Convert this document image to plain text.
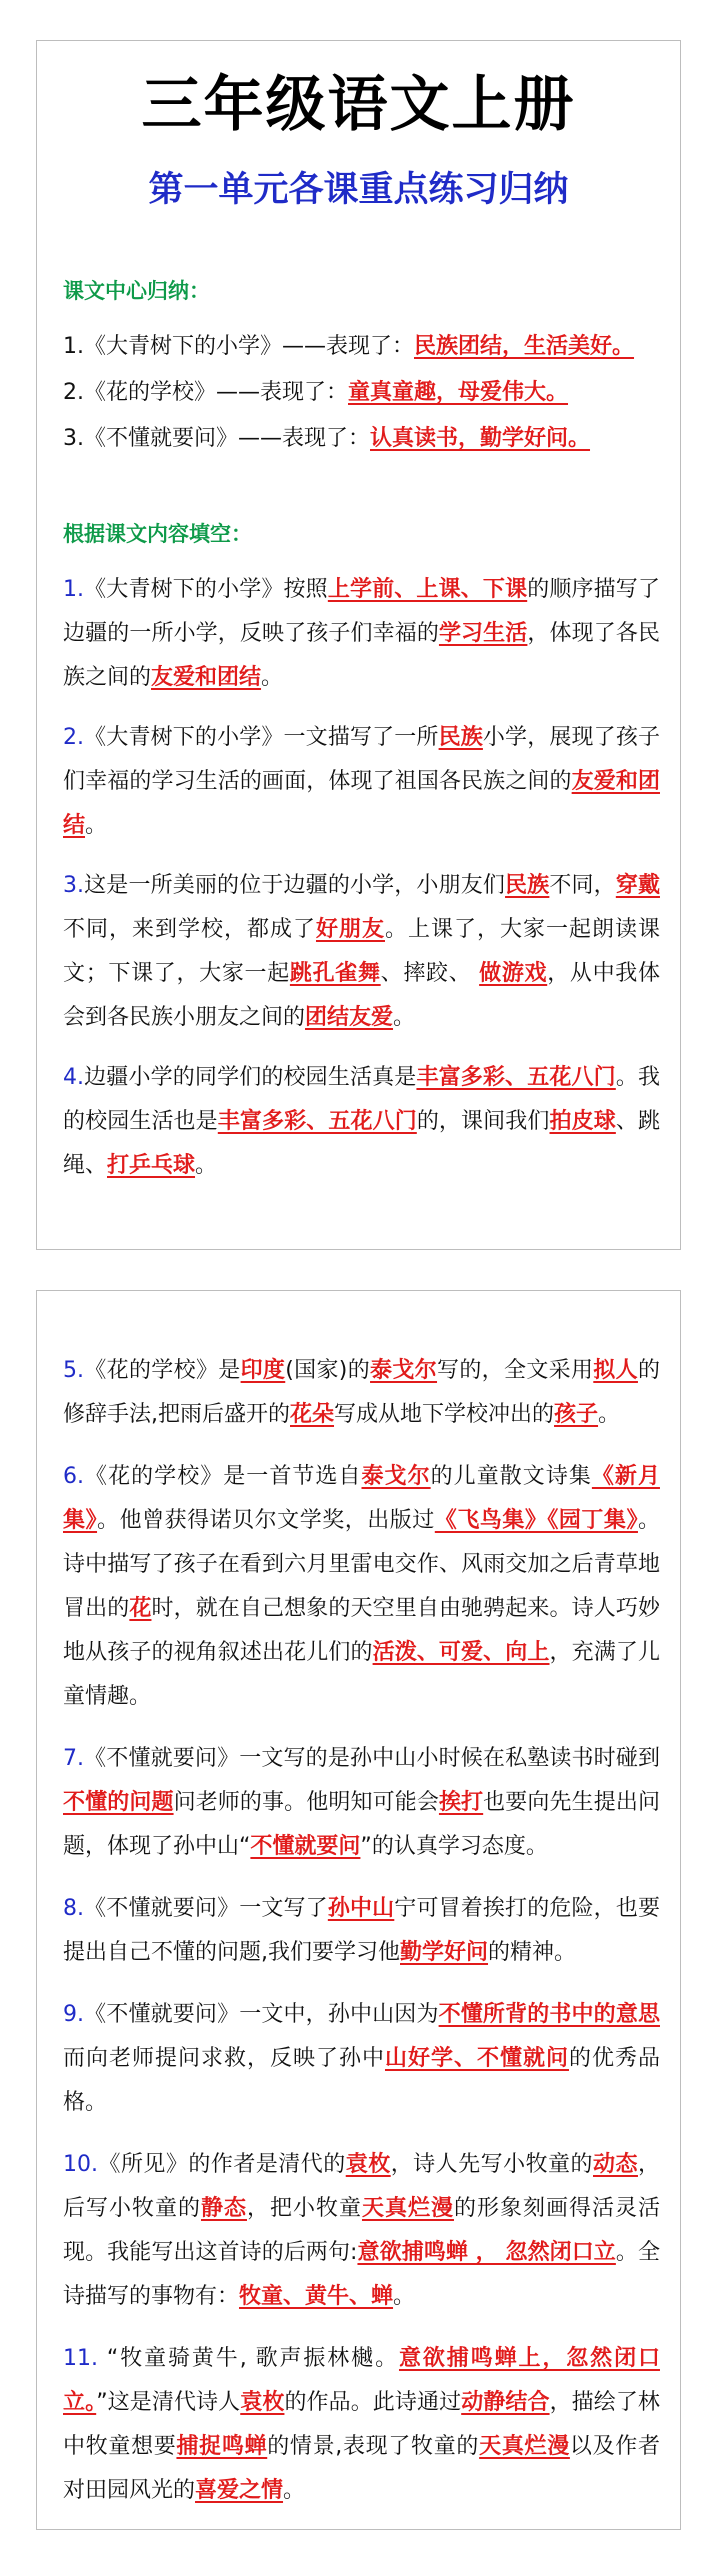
三年级语文上册
第一单元各课重点练习归纳
课文中心归纳：

1.《大青树下的小学》——表现了：民族团结，生活美好。

2.《花的学校》——表现了：童真童趣，母爱伟大。

3.《不懂就要问》——表现了：认真读书，勤学好问。

根据课文内容填空：

1.《大青树下的小学》按照上学前、上课、下课的顺序描写了边疆的一所小学，反映了孩子们幸福的学习生活，体现了各民族之间的友爱和团结。

2.《大青树下的小学》一文描写了一所民族小学，展现了孩子们幸福的学习生活的画面，体现了祖国各民族之间的友爱和团结。

3.这是一所美丽的位于边疆的小学，小朋友们民族不同，穿戴不同，来到学校，都成了好朋友。上课了，大家一起朗读课文；下课了，大家一起跳孔雀舞、摔跤、 做游戏，从中我体会到各民族小朋友之间的团结友爱。

4.边疆小学的同学们的校园生活真是丰富多彩、五花八门。我的校园生活也是丰富多彩、五花八门的，课间我们拍皮球、跳绳、打乒乓球。

5.《花的学校》是印度(国家)的泰戈尔写的，全文采用拟人的修辞手法,把雨后盛开的花朵写成从地下学校冲出的孩子。

6.《花的学校》是一首节选自泰戈尔的儿童散文诗集《新月集》。他曾获得诺贝尔文学奖，出版过《飞鸟集》《园丁集》。诗中描写了孩子在看到六月里雷电交作、风雨交加之后青草地冒出的花时，就在自己想象的天空里自由驰骋起来。诗人巧妙地从孩子的视角叙述出花儿们的活泼、可爱、向上，充满了儿童情趣。

7.《不懂就要问》一文写的是孙中山小时候在私塾读书时碰到不懂的问题问老师的事。他明知可能会挨打也要向先生提出问题，体现了孙中山“不懂就要问”的认真学习态度。

8.《不懂就要问》一文写了孙中山宁可冒着挨打的危险，也要提出自己不懂的问题,我们要学习他勤学好问的精神。

9.《不懂就要问》一文中，孙中山因为不懂所背的书中的意思而向老师提问求救，反映了孙中山好学、不懂就问的优秀品格。

10.《所见》的作者是清代的袁枚，诗人先写小牧童的动态，后写小牧童的静态，把小牧童天真烂漫的形象刻画得活灵活现。我能写出这首诗的后两句:意欲捕鸣蝉 ， 忽然闭口立。全诗描写的事物有：牧童、黄牛、蝉。

11. “牧童骑黄牛, 歌声振林樾。意欲捕鸣蝉上，忽然闭口立。”这是清代诗人袁枚的作品。此诗通过动静结合，描绘了林中牧童想要捕捉鸣蝉的情景,表现了牧童的天真烂漫以及作者对田园风光的喜爱之情。
